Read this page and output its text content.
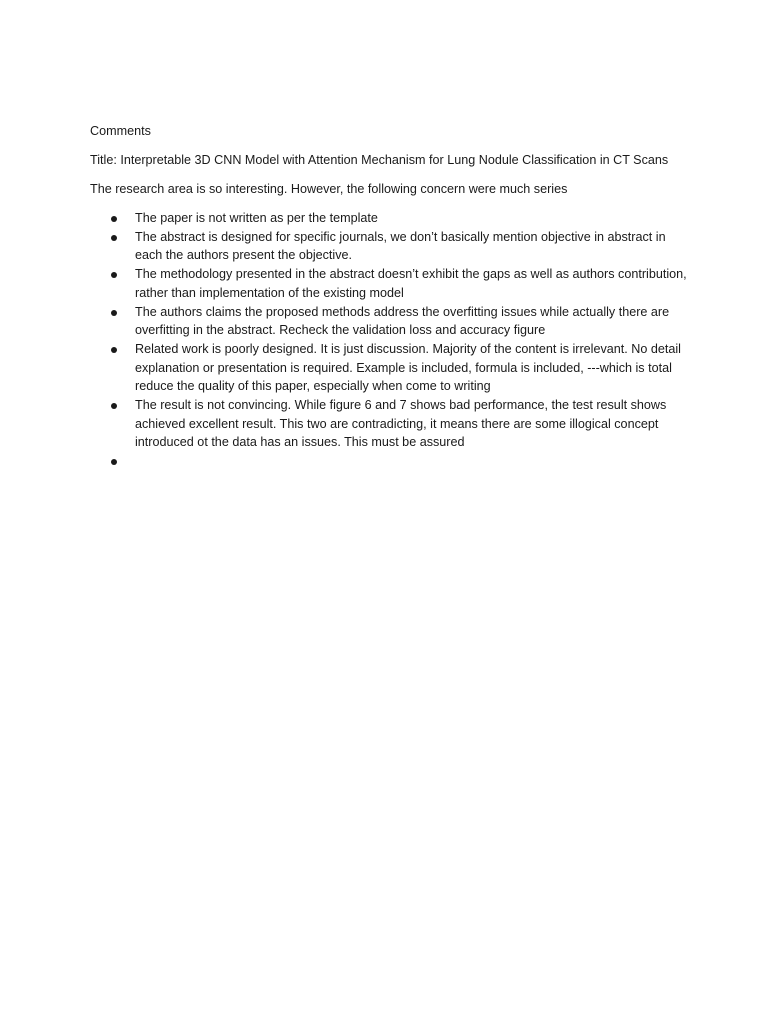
Comments

Title: Interpretable 3D CNN Model with Attention Mechanism for Lung Nodule Classification in CT Scans

The research area is so interesting. However, the following concern were much series

The paper is not written as per the template
The abstract is designed for specific journals, we don’t basically mention objective in abstract in each the authors present the objective.
The methodology presented in the abstract doesn’t exhibit the gaps as well as authors contribution, rather than implementation of the existing model
The authors claims the proposed methods address the overfitting issues while actually there are overfitting in the abstract. Recheck the validation loss and accuracy figure
Related work is poorly designed. It is just discussion. Majority of the content is irrelevant. No detail explanation or presentation is required. Example is included, formula is included, ---which is total reduce the quality of this paper, especially when come to writing
The result is not convincing. While figure 6 and 7 shows bad performance, the test result shows achieved excellent result. This two are contradicting, it means there are some illogical concept introduced ot the data has an issues. This must be assured
